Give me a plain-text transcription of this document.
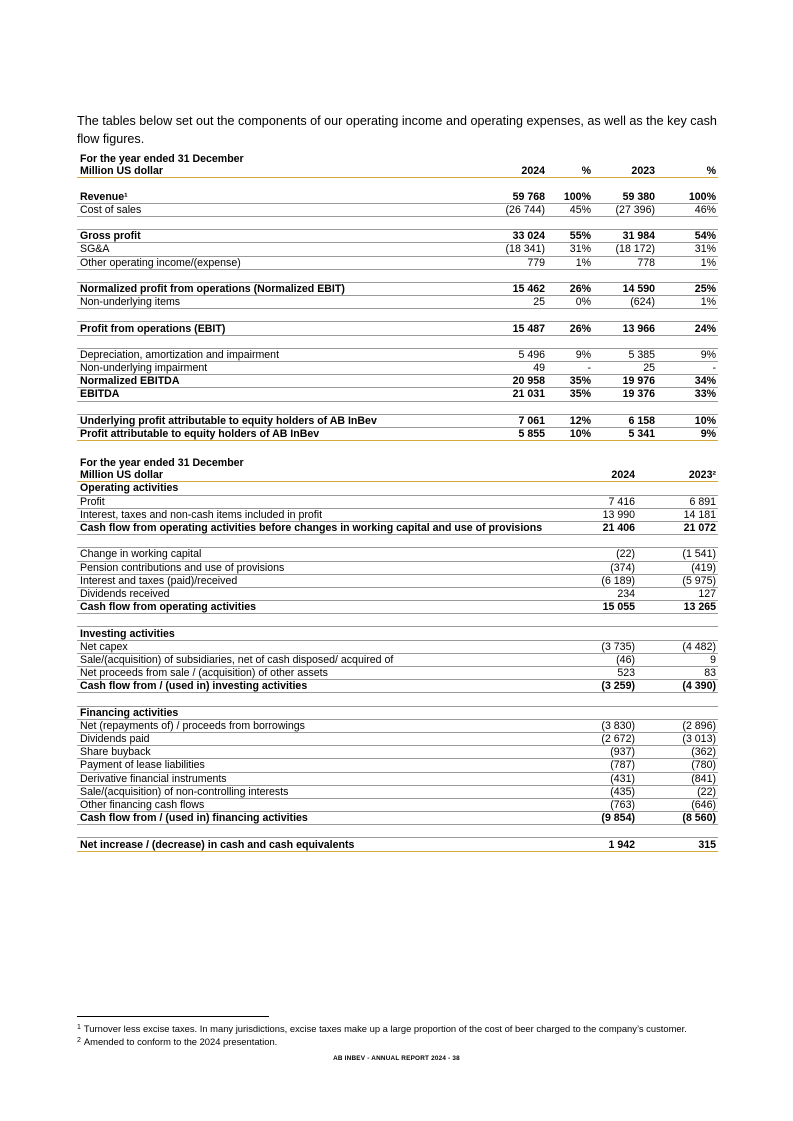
The tables below set out the components of our operating income and operating expenses, as well as the key cash flow figures.

For the year ended 31 December				
Million US dollar	2024	%	2023	%

Revenue¹	59 768	100%	59 380	100%
Cost of sales	(26 744)	45%	(27 396)	46%

Gross profit	33 024	55%	31 984	54%
SG&A	(18 341)	31%	(18 172)	31%
Other operating income/(expense)	779	1%	778	1%

Normalized profit from operations (Normalized EBIT)	15 462	26%	14 590	25%
Non-underlying items	25	0%	(624)	1%

Profit from operations (EBIT)	15 487	26%	13 966	24%

Depreciation, amortization and impairment	5 496	9%	5 385	9%
Non-underlying impairment	49	-	25	-
Normalized EBITDA	20 958	35%	19 976	34%
EBITDA	21 031	35%	19 376	33%

Underlying profit attributable to equity holders of AB InBev	7 061	12%	6 158	10%
Profit attributable to equity holders of AB InBev	5 855	10%	5 341	9%
For the year ended 31 December		
Million US dollar	2024	2023²
Operating activities		
Profit	7 416	6 891
Interest, taxes and non-cash items included in profit	13 990	14 181
Cash flow from operating activities before changes in working capital and use of provisions	21 406	21 072

Change in working capital	(22)	(1 541)
Pension contributions and use of provisions	(374)	(419)
Interest and taxes (paid)/received	(6 189)	(5 975)
Dividends received	234	127
Cash flow from operating activities	15 055	13 265

Investing activities		
Net capex	(3 735)	(4 482)
Sale/(acquisition) of subsidiaries, net of cash disposed/ acquired of	(46)	9
Net proceeds from sale / (acquisition) of other assets	523	83
Cash flow from / (used in) investing activities	(3 259)	(4 390)

Financing activities		
Net (repayments of) / proceeds from borrowings	(3 830)	(2 896)
Dividends paid	(2 672)	(3 013)
Share buyback	(937)	(362)
Payment of lease liabilities	(787)	(780)
Derivative financial instruments	(431)	(841)
Sale/(acquisition) of non-controlling interests	(435)	(22)
Other financing cash flows	(763)	(646)
Cash flow from / (used in) financing activities	(9 854)	(8 560)

Net increase / (decrease) in cash and cash equivalents	1 942	315
$^1$ Turnover less excise taxes. In many jurisdictions, excise taxes make up a large proportion of the cost of beer charged to the company’s customer.
$^2$ Amended to conform to the 2024 presentation.
AB INBEV - ANNUAL REPORT 2024 - 38
